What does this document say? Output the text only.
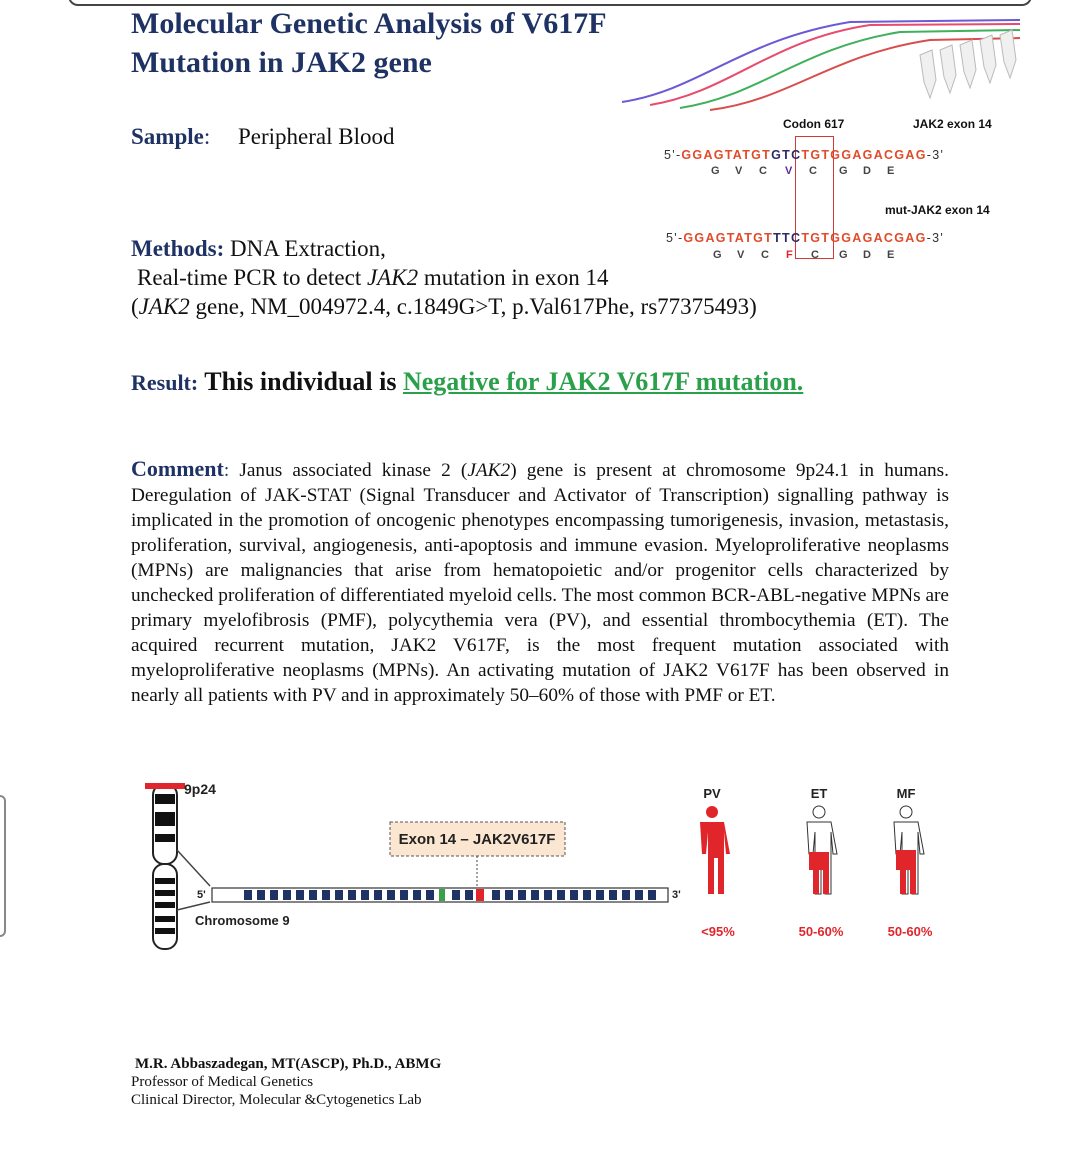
Molecular Genetic Analysis of V617F
Mutation in JAK2 gene
Sample: Peripheral Blood	Codon 617	JAK2 exon 14
5'-GGAGTATGTGTCTGTGGAGACGAG-3'
G V C V C G D E
mut-JAK2 exon 14
5'-GGAGTATGTTTCTGTGGAGACGAG-3'
G V C F C G D E
Methods: DNA Extraction,
Real-time PCR to detect JAK2 mutation in exon 14
(JAK2 gene, NM_004972.4, c.1849G>T, p.Val617Phe, rs77375493)
Result: This individual is Negative for JAK2 V617F mutation.
Comment: Janus associated kinase 2 (JAK2) gene is present at chromosome 9p24.1 in humans. Deregulation of JAK-STAT (Signal Transducer and Activator of Transcription) signalling pathway is implicated in the promotion of oncogenic phenotypes encompassing tumorigenesis, invasion, metastasis, proliferation, survival, angiogenesis, anti-apoptosis and immune evasion. Myeloproliferative neoplasms (MPNs) are malignancies that arise from hematopoietic and/or progenitor cells characterized by unchecked proliferation of differentiated myeloid cells. The most common BCR-ABL-negative MPNs are primary myelofibrosis (PMF), polycythemia vera (PV), and essential thrombocythemia (ET). The acquired recurrent mutation, JAK2 V617F, is the most frequent mutation associated with myeloproliferative neoplasms (MPNs). An activating mutation of JAK2 V617F has been observed in nearly all patients with PV and in approximately 50–60% of those with PMF or ET.
9p24
5'	3'
Exon 14 – JAK2V617F
Chromosome 9
PV
<95%
ET
50-60%
MF
50-60%
M.R. Abbaszadegan, MT(ASCP), Ph.D., ABMG
Professor of Medical Genetics
Clinical Director, Molecular &Cytogenetics Lab
